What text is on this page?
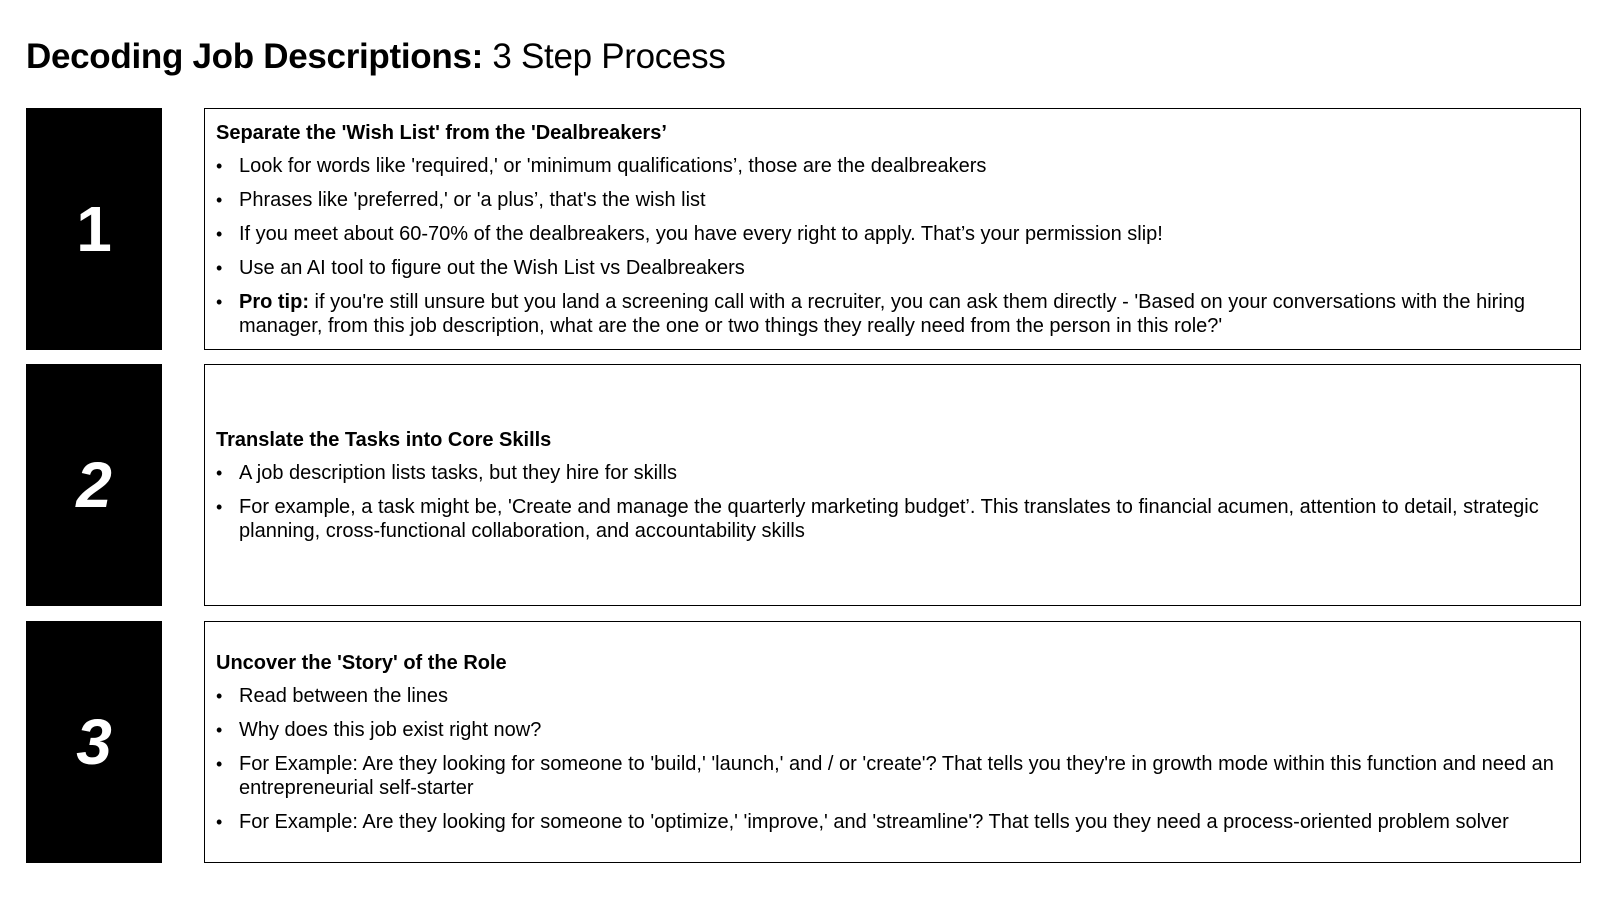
Decoding Job Descriptions: 3 Step Process
1
Separate the 'Wish List' from the 'Dealbreakers’
• Look for words like 'required,' or 'minimum qualifications’, those are the dealbreakers
• Phrases like 'preferred,' or 'a plus’, that's the wish list
• If you meet about 60-70% of the dealbreakers, you have every right to apply. That’s your permission slip!
• Use an AI tool to figure out the Wish List vs Dealbreakers
• Pro tip: if you're still unsure but you land a screening call with a recruiter, you can ask them directly - 'Based on your conversations with the hiring manager, from this job description, what are the one or two things they really need from the person in this role?'
2
Translate the Tasks into Core Skills
• A job description lists tasks, but they hire for skills
• For example, a task might be, 'Create and manage the quarterly marketing budget’. This translates to financial acumen, attention to detail, strategic planning, cross-functional collaboration, and accountability skills
3
Uncover the 'Story' of the Role
• Read between the lines
• Why does this job exist right now?
• For Example: Are they looking for someone to 'build,' 'launch,' and / or 'create'? That tells you they're in growth mode within this function and need an entrepreneurial self-starter
• For Example: Are they looking for someone to 'optimize,' 'improve,' and 'streamline'? That tells you they need a process-oriented problem solver
